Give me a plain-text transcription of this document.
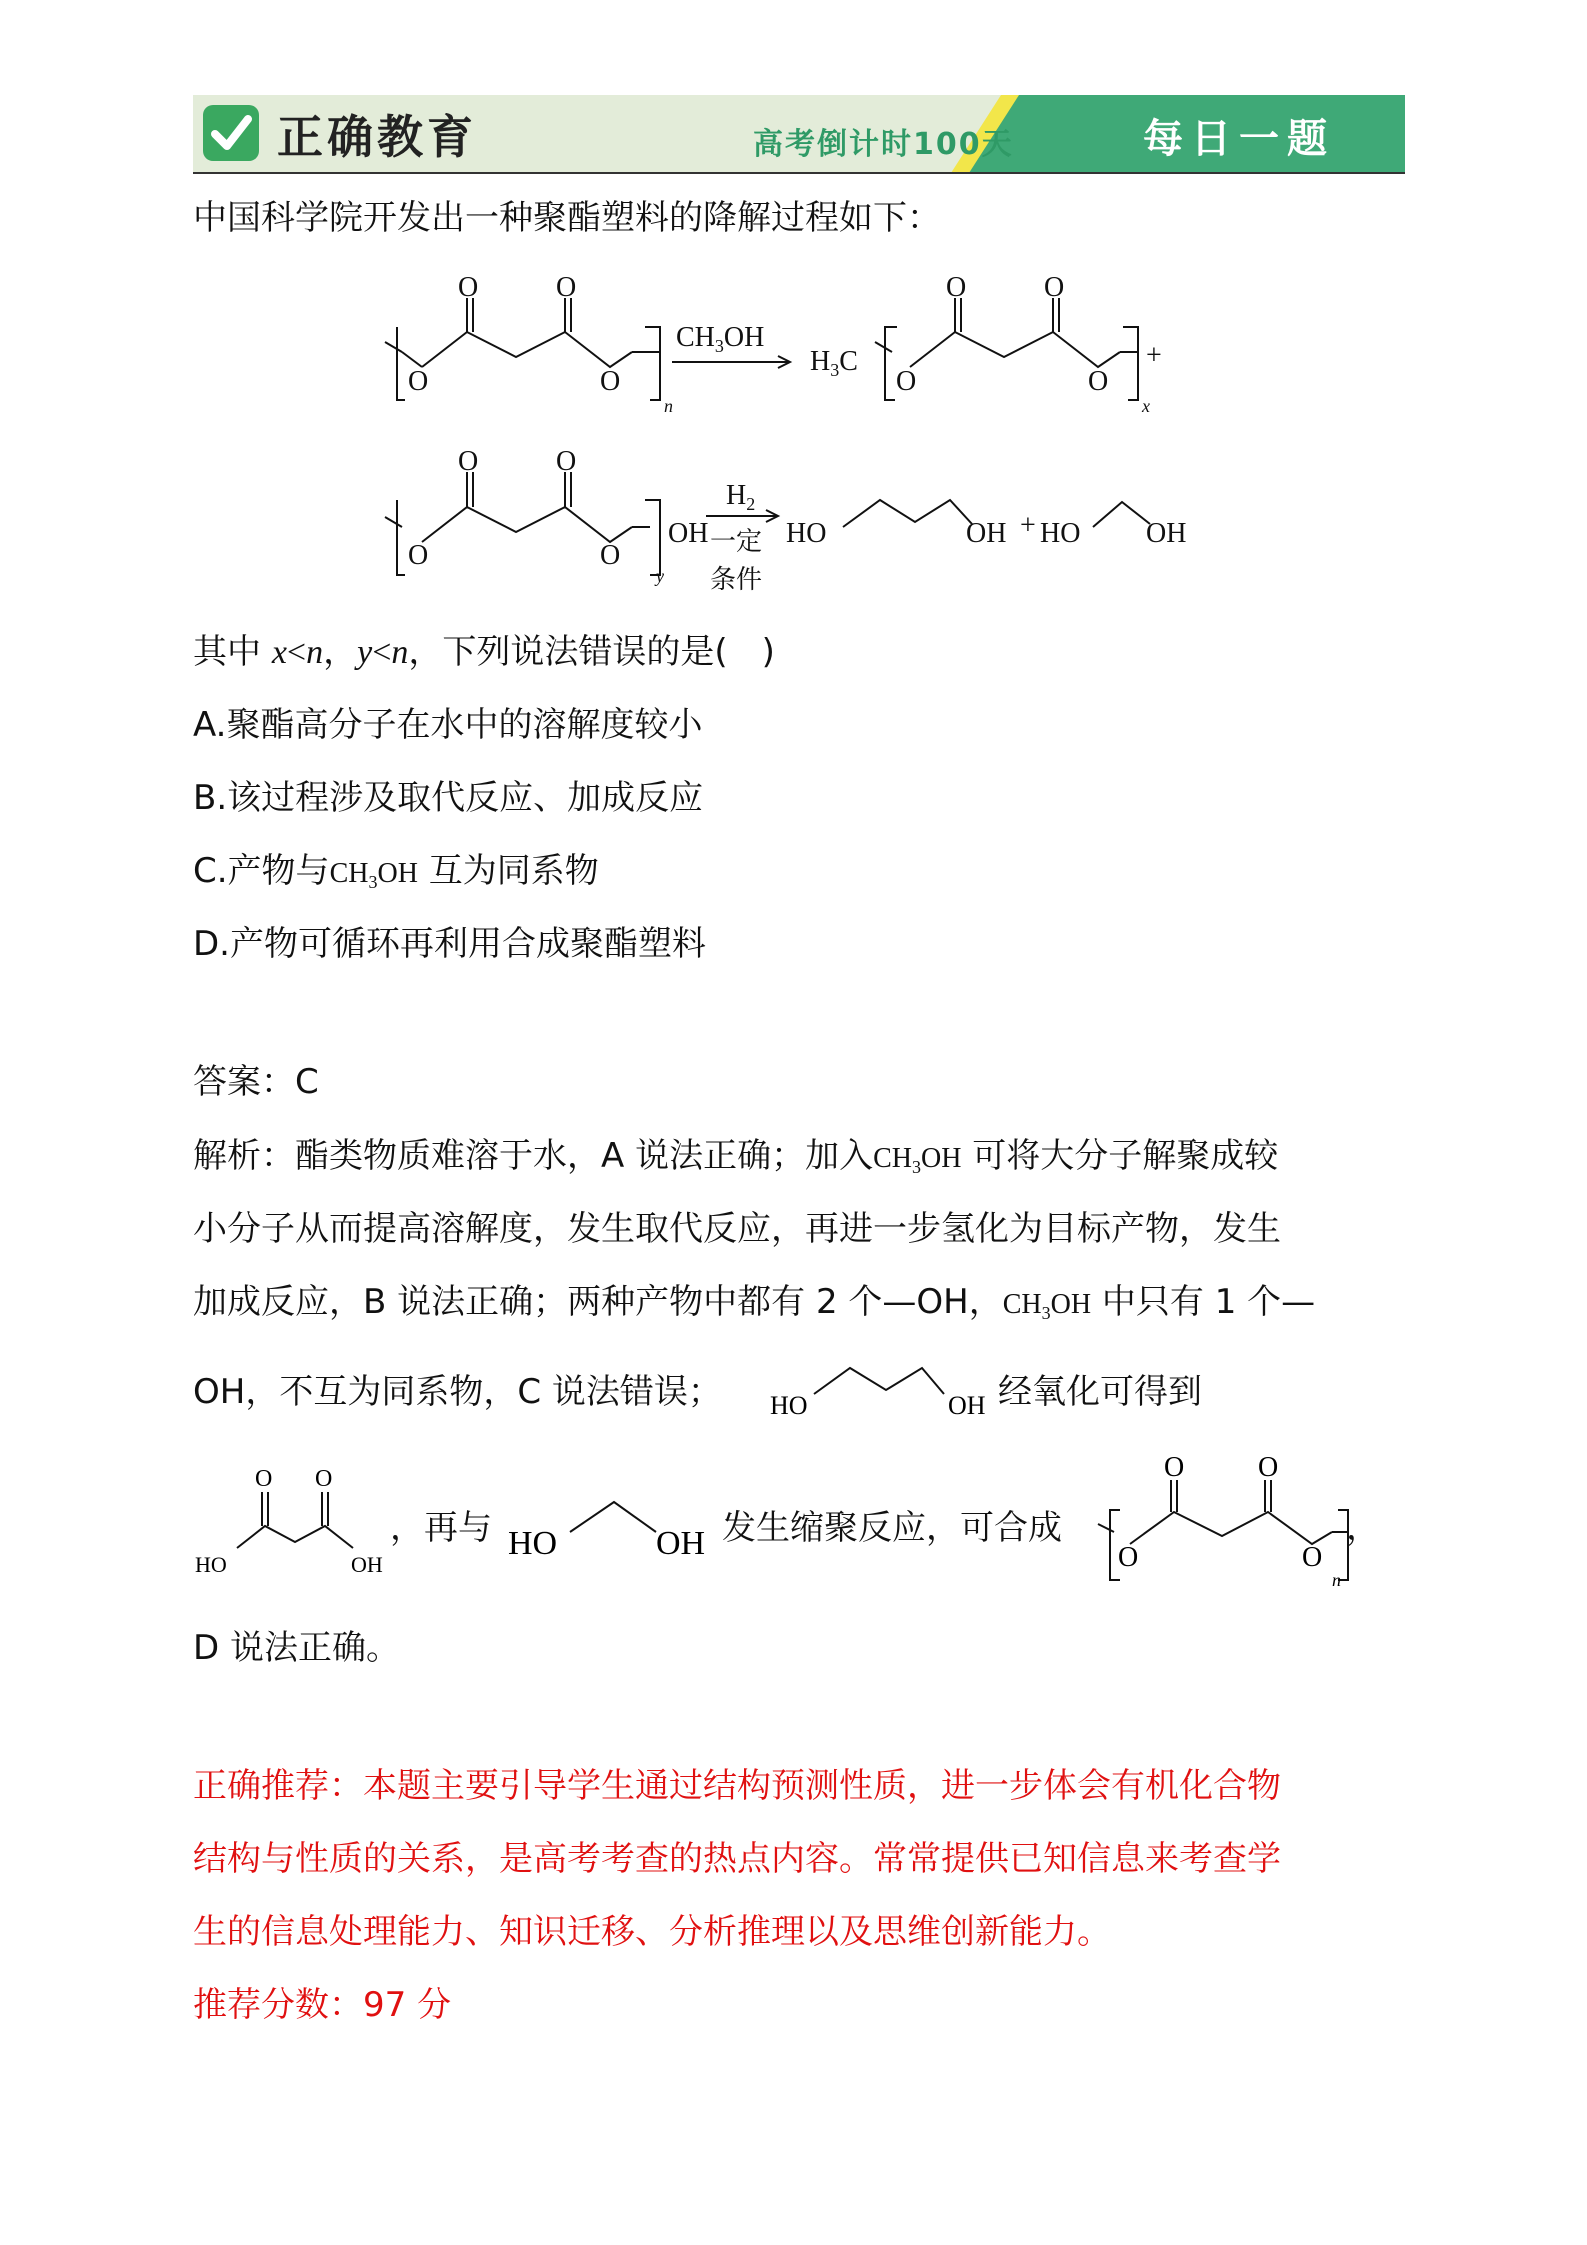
正确教育	高考倒计时100天	每日一题
中国科学院开发出一种聚酯塑料的降解过程如下：
O	O
O	O
n
$CH_3OH$
$H_3C$
O	O
O	O
x
+
O	O
O	O
y
OH
$H_2$
一定
条件
HO	OH + HO OH
其中 x<n，y<n，下列说法错误的是(　)
A.聚酯高分子在水中的溶解度较小
B.该过程涉及取代反应、加成反应
C.产物与$CH_3OH$ 互为同系物
D.产物可循环再利用合成聚酯塑料
答案：C
解析：酯类物质难溶于水，A 说法正确；加入$CH_3OH$ 可将大分子解聚成较
小分子从而提高溶解度，发生取代反应，再进一步氢化为目标产物，发生
加成反应，B 说法正确；两种产物中都有 2 个—OH，$CH_3OH$ 中只有 1 个—
OH，不互为同系物，C 说法错误； HO	OH 经氧化可得到
O O
HO	OH
，再与 HO	OH 发生缩聚反应，可合成
O	O
O	O
n
，
D 说法正确。
正确推荐：本题主要引导学生通过结构预测性质，进一步体会有机化合物
结构与性质的关系，是高考考查的热点内容。常常提供已知信息来考查学
生的信息处理能力、知识迁移、分析推理以及思维创新能力。
推荐分数：97 分
